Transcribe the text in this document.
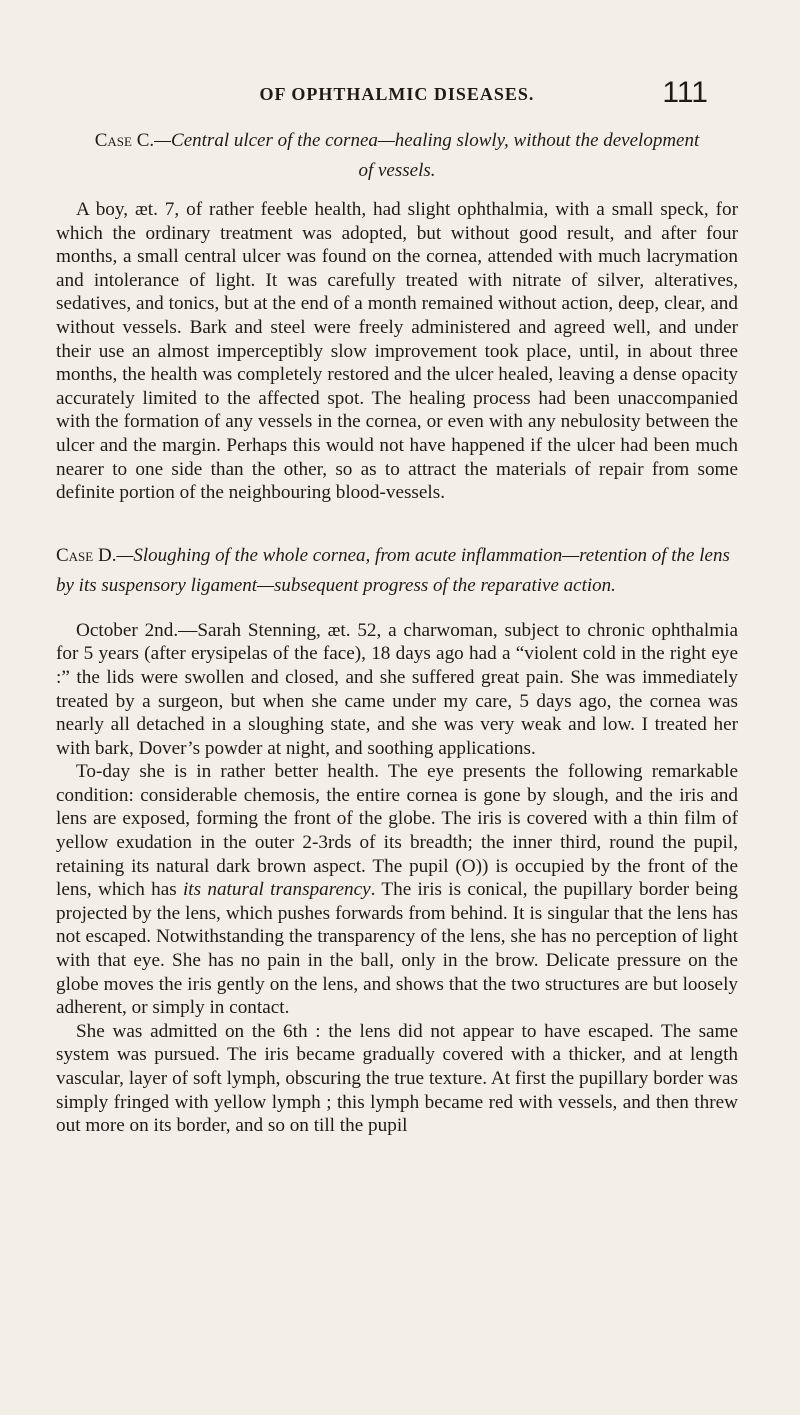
OF OPHTHALMIC DISEASES.	111
Case C.—Central ulcer of the cornea—healing slowly, without the development
of vessels.

A boy, æt. 7, of rather feeble health, had slight ophthalmia, with a small speck, for which the ordinary treatment was adopted, but without good result, and after four months, a small central ulcer was found on the cornea, attended with much lacrymation and intolerance of light. It was carefully treated with nitrate of silver, alteratives, sedatives, and tonics, but at the end of a month remained without action, deep, clear, and without vessels. Bark and steel were freely administered and agreed well, and under their use an almost imperceptibly slow improvement took place, until, in about three months, the health was completely restored and the ulcer healed, leaving a dense opacity accurately limited to the affected spot. The healing process had been unaccompanied with the formation of any vessels in the cornea, or even with any nebulosity between the ulcer and the margin. Perhaps this would not have happened if the ulcer had been much nearer to one side than the other, so as to attract the materials of repair from some definite portion of the neighbouring blood-vessels.

Case D.—Sloughing of the whole cornea, from acute inflammation—retention of the lens by its suspensory ligament—subsequent progress of the reparative action.

October 2nd.—Sarah Stenning, æt. 52, a charwoman, subject to chronic ophthalmia for 5 years (after erysipelas of the face), 18 days ago had a “violent cold in the right eye :” the lids were swollen and closed, and she suffered great pain. She was immediately treated by a surgeon, but when she came under my care, 5 days ago, the cornea was nearly all detached in a sloughing state, and she was very weak and low. I treated her with bark, Dover’s powder at night, and soothing applications.

To-day she is in rather better health. The eye presents the following remarkable condition: considerable chemosis, the entire cornea is gone by slough, and the iris and lens are exposed, forming the front of the globe. The iris is covered with a thin film of yellow exudation in the outer 2-3rds of its breadth; the inner third, round the pupil, retaining its natural dark brown aspect. The pupil (O)) is occupied by the front of the lens, which has its natural transparency. The iris is conical, the pupillary border being projected by the lens, which pushes forwards from behind. It is singular that the lens has not escaped. Notwithstanding the transparency of the lens, she has no perception of light with that eye. She has no pain in the ball, only in the brow. Delicate pressure on the globe moves the iris gently on the lens, and shows that the two structures are but loosely adherent, or simply in contact.

She was admitted on the 6th : the lens did not appear to have escaped. The same system was pursued. The iris became gradually covered with a thicker, and at length vascular, layer of soft lymph, obscuring the true texture. At first the pupillary border was simply fringed with yellow lymph ; this lymph became red with vessels, and then threw out more on its border, and so on till the pupil
